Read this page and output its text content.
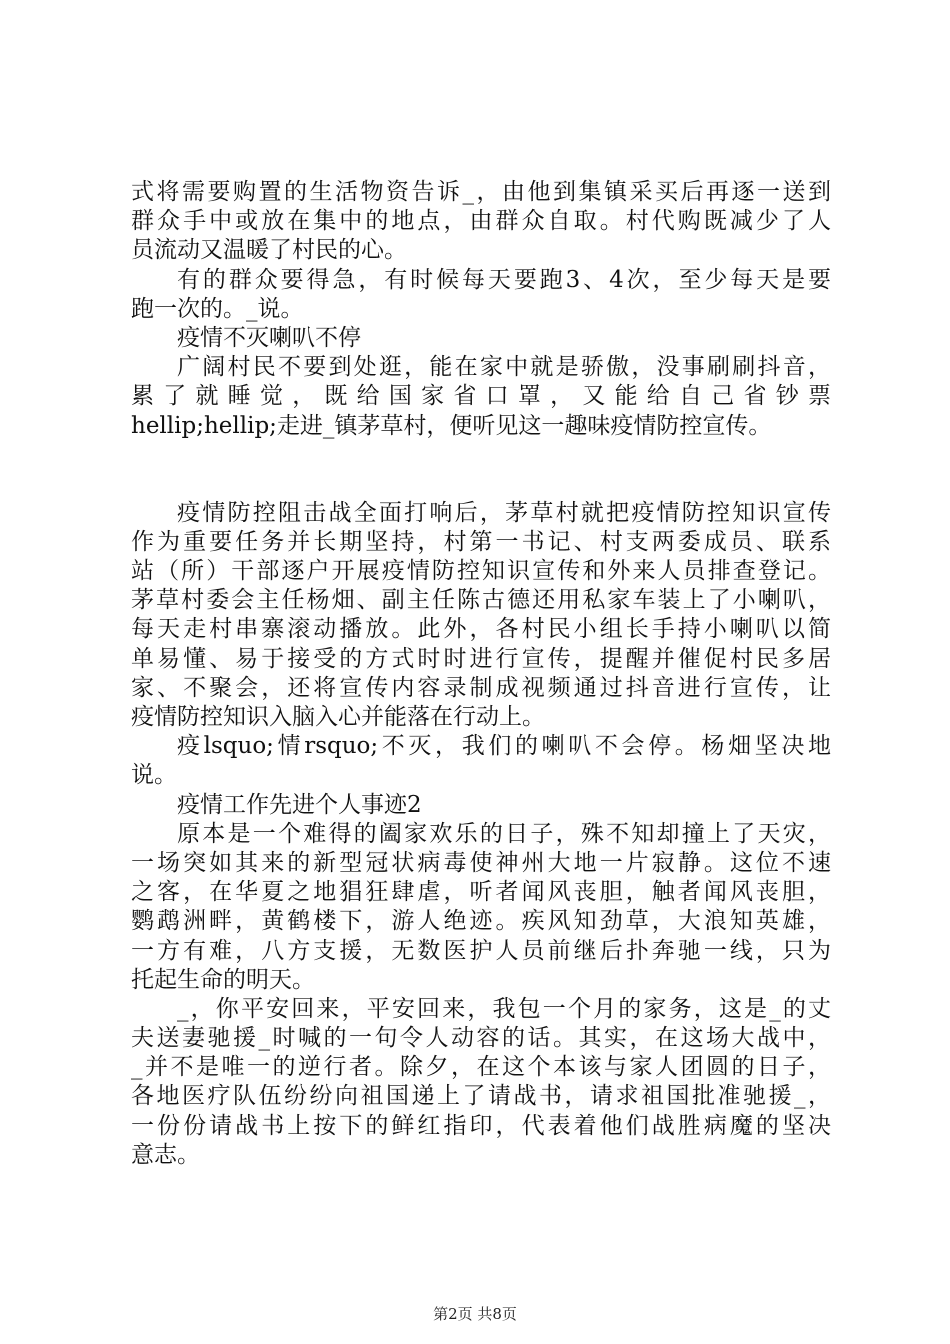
式将需要购置的生活物资告诉_，由他到集镇采买后再逐一送到
群众手中或放在集中的地点，由群众自取。村代购既减少了人
员流动又温暖了村民的心。
有的群众要得急，有时候每天要跑3、4次，至少每天是要
跑一次的。_说。
疫情不灭喇叭不停
广阔村民不要到处逛，能在家中就是骄傲，没事刷刷抖音，
累了就睡觉，既给国家省口罩，又能给自己省钞票
hellip;hellip;走进_镇茅草村，便听见这一趣味疫情防控宣传。
疫情防控阻击战全面打响后，茅草村就把疫情防控知识宣传
作为重要任务并长期坚持，村第一书记、村支两委成员、联系
站（所）干部逐户开展疫情防控知识宣传和外来人员排查登记。
茅草村委会主任杨畑、副主任陈古德还用私家车装上了小喇叭，
每天走村串寨滚动播放。此外，各村民小组长手持小喇叭以简
单易懂、易于接受的方式时时进行宣传，提醒并催促村民多居
家、不聚会，还将宣传内容录制成视频通过抖音进行宣传，让
疫情防控知识入脑入心并能落在行动上。
疫lsquo;情rsquo;不灭，我们的喇叭不会停。杨畑坚决地
说。
疫情工作先进个人事迹2
原本是一个难得的阖家欢乐的日子，殊不知却撞上了天灾，
一场突如其来的新型冠状病毒使神州大地一片寂静。这位不速
之客，在华夏之地猖狂肆虐，听者闻风丧胆，触者闻风丧胆，
鹦鹉洲畔，黄鹤楼下，游人绝迹。疾风知劲草，大浪知英雄，
一方有难，八方支援，无数医护人员前继后扑奔驰一线，只为
托起生命的明天。
_，你平安回来，平安回来，我包一个月的家务，这是_的丈
夫送妻驰援_时喊的一句令人动容的话。其实，在这场大战中，
_并不是唯一的逆行者。除夕，在这个本该与家人团圆的日子，
各地医疗队伍纷纷向祖国递上了请战书，请求祖国批准驰援_，
一份份请战书上按下的鲜红指印，代表着他们战胜病魔的坚决
意志。
第2页 共8页
